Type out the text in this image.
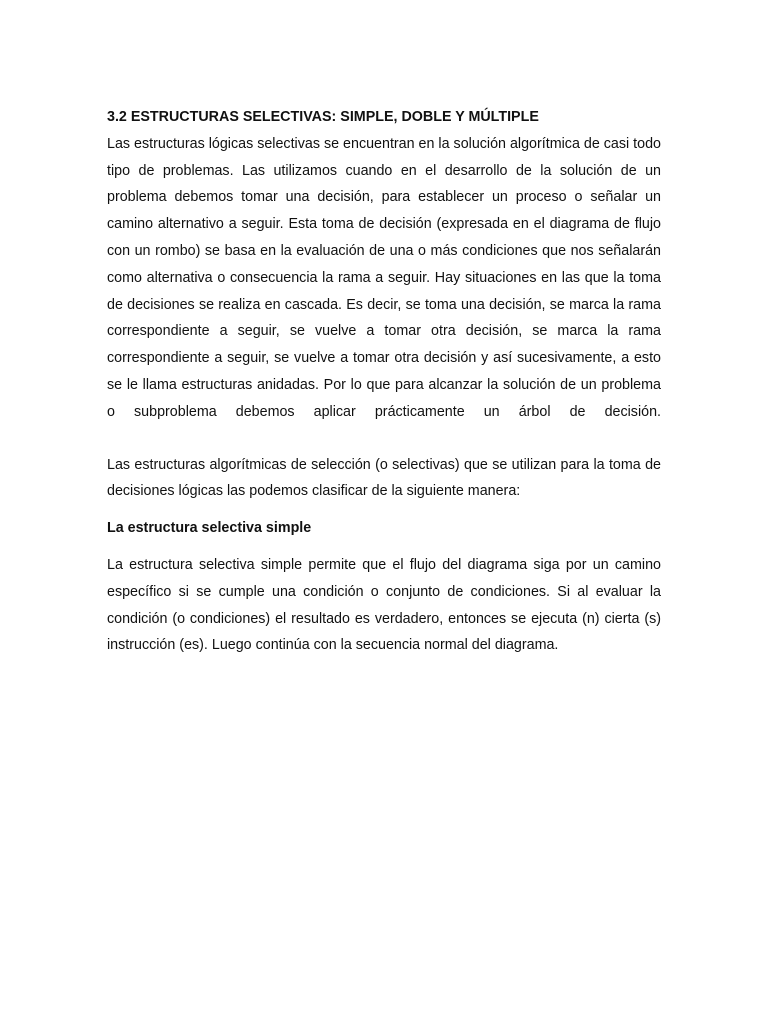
3.2 ESTRUCTURAS SELECTIVAS: SIMPLE, DOBLE Y MÚLTIPLE

Las estructuras lógicas selectivas se encuentran en la solución algorítmica de casi todo tipo de problemas. Las utilizamos cuando en el desarrollo de la solución de un problema debemos tomar una decisión, para establecer un proceso o señalar un camino alternativo a seguir. Esta toma de decisión (expresada en el diagrama de flujo con un rombo) se basa en la evaluación de una o más condiciones que nos señalarán como alternativa o consecuencia la rama a seguir. Hay situaciones en las que la toma de decisiones se realiza en cascada. Es decir, se toma una decisión, se marca la rama correspondiente a seguir, se vuelve a tomar otra decisión, se marca la rama correspondiente a seguir, se vuelve a tomar otra decisión y así sucesivamente, a esto se le llama estructuras anidadas. Por lo que para alcanzar la solución de un problema o subproblema debemos aplicar prácticamente un árbol de decisión.

Las estructuras algorítmicas de selección (o selectivas) que se utilizan para la toma de decisiones lógicas las podemos clasificar de la siguiente manera:

La estructura selectiva simple

La estructura selectiva simple permite que el flujo del diagrama siga por un camino específico si se cumple una condición o conjunto de condiciones. Si al evaluar la condición (o condiciones) el resultado es verdadero, entonces se ejecuta (n) cierta (s) instrucción (es). Luego continúa con la secuencia normal del diagrama.
